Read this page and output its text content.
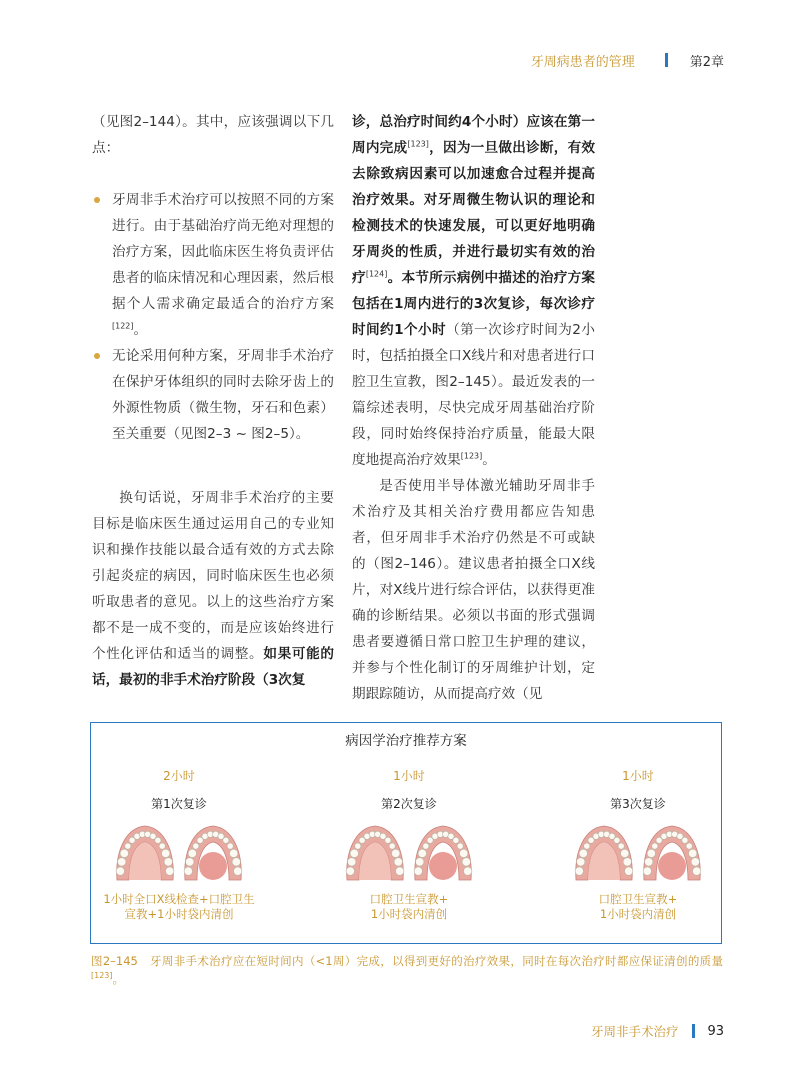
牙周病患者的管理	第2章

（见图2–144）。其中，应该强调以下几点：

牙周非手术治疗可以按照不同的方案进行。由于基础治疗尚无绝对理想的治疗方案，因此临床医生将负责评估患者的临床情况和心理因素，然后根据个人需求确定最适合的治疗方案[122]。
无论采用何种方案，牙周非手术治疗在保护牙体组织的同时去除牙齿上的外源性物质（微生物，牙石和色素）至关重要（见图2–3 ~ 图2–5）。

换句话说，牙周非手术治疗的主要目标是临床医生通过运用自己的专业知识和操作技能以最合适有效的方式去除引起炎症的病因，同时临床医生也必须听取患者的意见。以上的这些治疗方案都不是一成不变的，而是应该始终进行个性化评估和适当的调整。如果可能的话，最初的非手术治疗阶段（3次复

诊，总治疗时间约4个小时）应该在第一周内完成[123]，因为一旦做出诊断，有效去除致病因素可以加速愈合过程并提高治疗效果。对牙周微生物认识的理论和检测技术的快速发展，可以更好地明确牙周炎的性质，并进行最切实有效的治疗[124]。本节所示病例中描述的治疗方案包括在1周内进行的3次复诊，每次诊疗时间约1个小时（第一次诊疗时间为2小时，包括拍摄全口X线片和对患者进行口腔卫生宣教，图2–145）。最近发表的一篇综述表明，尽快完成牙周基础治疗阶段，同时始终保持治疗质量，能最大限度地提高治疗效果[123]。

是否使用半导体激光辅助牙周非手术治疗及其相关治疗费用都应告知患者，但牙周非手术治疗仍然是不可或缺的（图2–146）。建议患者拍摄全口X线片，对X线片进行综合评估，以获得更准确的诊断结果。必须以书面的形式强调患者要遵循日常口腔卫生护理的建议，并参与个性化制订的牙周维护计划，定期跟踪随访，从而提高疗效（见

病因学治疗推荐方案
2小时
第1次复诊
1小时全口X线检查+口腔卫生
宣教+1小时袋内清创
1小时
第2次复诊
口腔卫生宣教+
1小时袋内清创
1小时
第3次复诊
口腔卫生宣教+
1小时袋内清创
图2–145　 牙周非手术治疗应在短时间内（<1周）完成，以得到更好的治疗效果，同时在每次治疗时都应保证清创的质量[123]。
牙周非手术治疗 93
